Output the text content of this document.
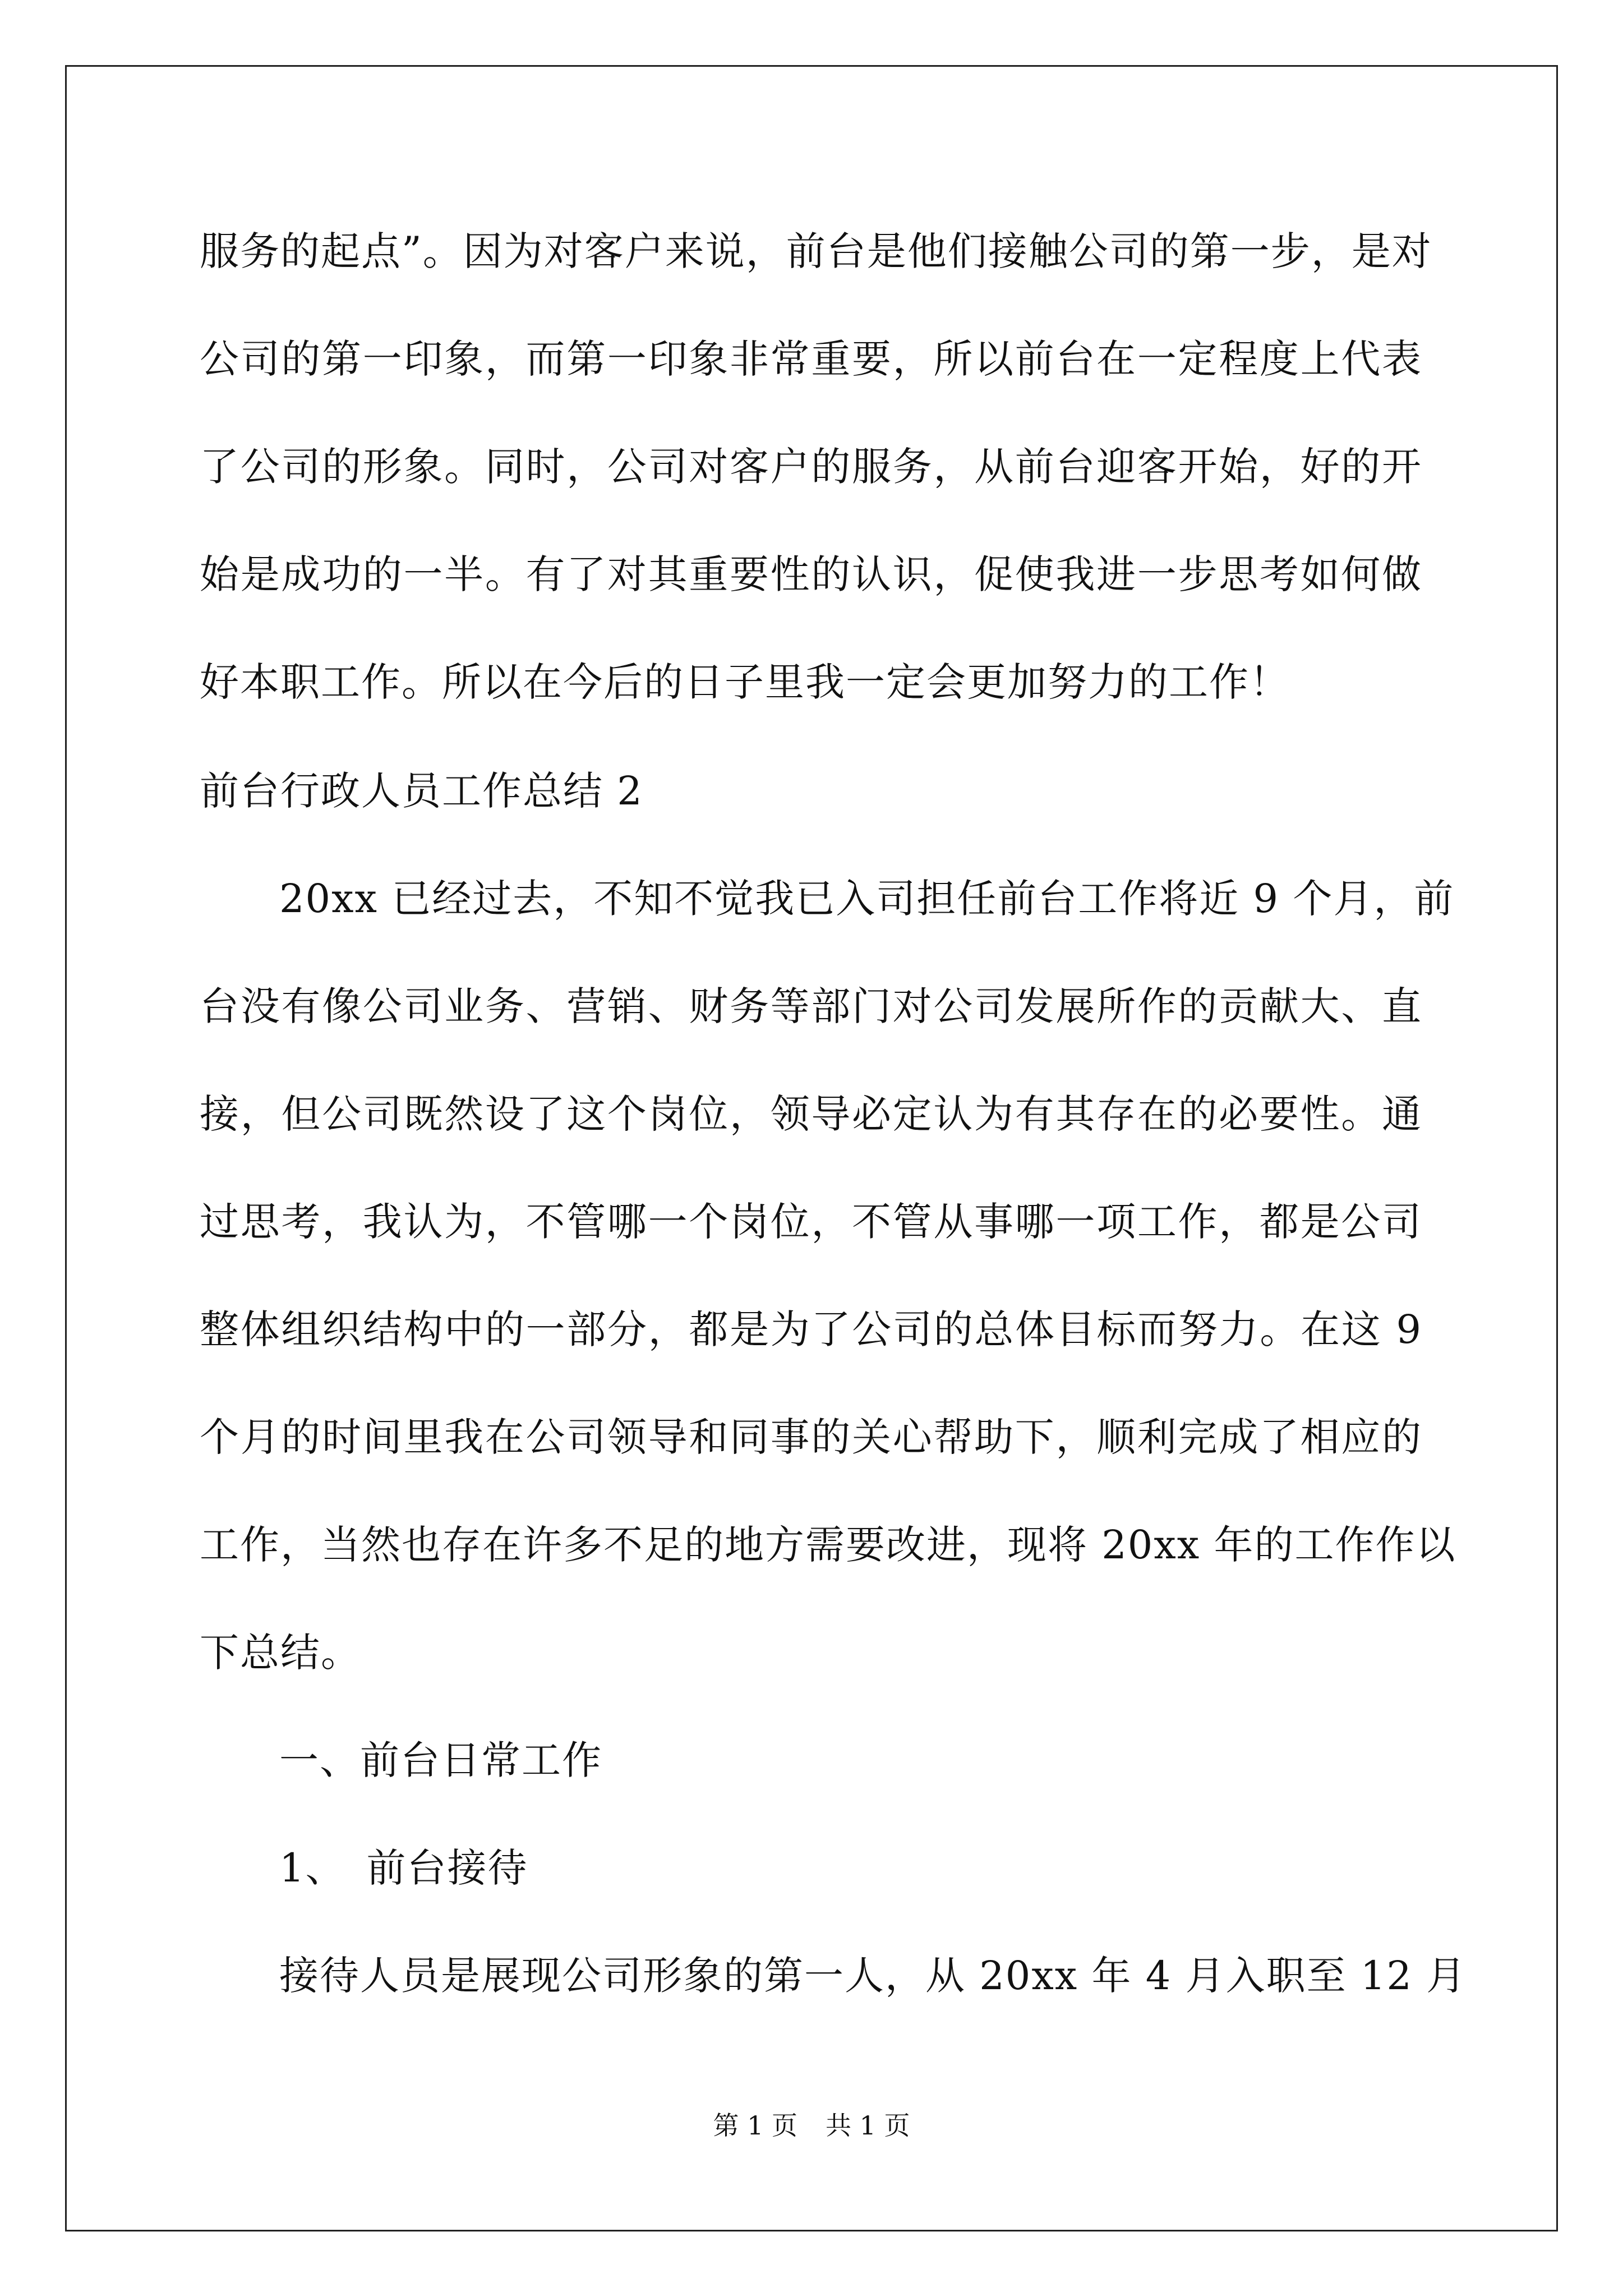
服务的起点”。因为对客户来说，前台是他们接触公司的第一步，是对
公司的第一印象，而第一印象非常重要，所以前台在一定程度上代表
了公司的形象。同时，公司对客户的服务，从前台迎客开始，好的开
始是成功的一半。有了对其重要性的认识，促使我进一步思考如何做
好本职工作。所以在今后的日子里我一定会更加努力的工作！
前台行政人员工作总结 2
20xx 已经过去，不知不觉我已入司担任前台工作将近 9 个月，前
台没有像公司业务、营销、财务等部门对公司发展所作的贡献大、直
接，但公司既然设了这个岗位，领导必定认为有其存在的必要性。通
过思考，我认为，不管哪一个岗位，不管从事哪一项工作，都是公司
整体组织结构中的一部分，都是为了公司的总体目标而努力。在这 9
个月的时间里我在公司领导和同事的关心帮助下，顺利完成了相应的
工作，当然也存在许多不足的地方需要改进，现将 20xx 年的工作作以
下总结。
一、前台日常工作
1、　前台接待
接待人员是展现公司形象的第一人，从 20xx 年 4 月入职至 12 月
第 1 页 共 1 页
